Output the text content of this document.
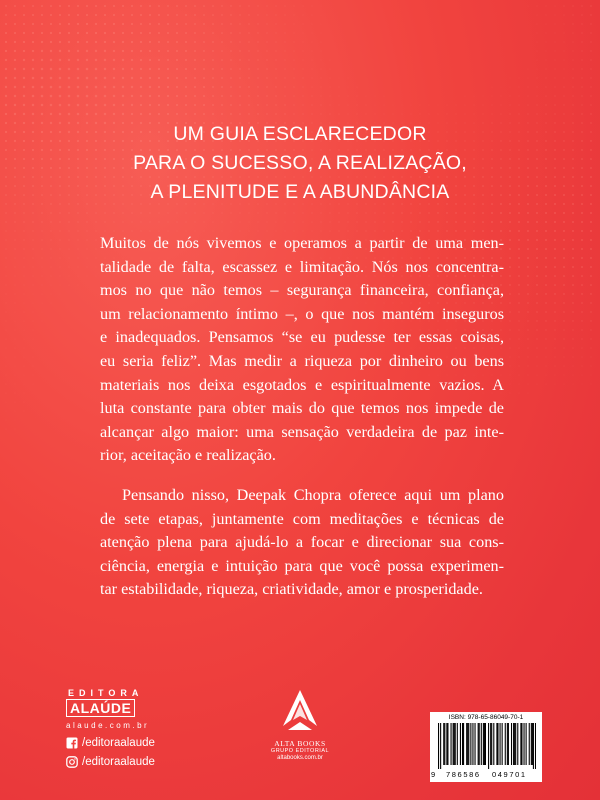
UM GUIA ESCLARECEDOR
PARA O SUCESSO, A REALIZAÇÃO,
A PLENITUDE E A ABUNDÂNCIA

Muitos de nós vivemos e operamos a partir de uma men-
talidade de falta, escassez e limitação. Nós nos concentra-
mos no que não temos – segurança financeira, confiança,
um relacionamento íntimo –, o que nos mantém inseguros
e inadequados. Pensamos “se eu pudesse ter essas coisas,
eu seria feliz”. Mas medir a riqueza por dinheiro ou bens
materiais nos deixa esgotados e espiritualmente vazios. A
luta constante para obter mais do que temos nos impede de
alcançar algo maior: uma sensação verdadeira de paz inte-
rior, aceitação e realização.

Pensando nisso, Deepak Chopra oferece aqui um plano
de sete etapas, juntamente com meditações e técnicas de
atenção plena para ajudá-lo a focar e direcionar sua cons-
ciência, energia e intuição para que você possa experimen-
tar estabilidade, riqueza, criatividade, amor e prosperidade.

EDITORA
ALAÚDE
alaude.com.br
/editoraalaude
/editoraalaude
ALTA BOOKS
GRUPO EDITORIAL
altabooks.com.br
ISBN: 978-65-86049-70-1
9 786586 049701
